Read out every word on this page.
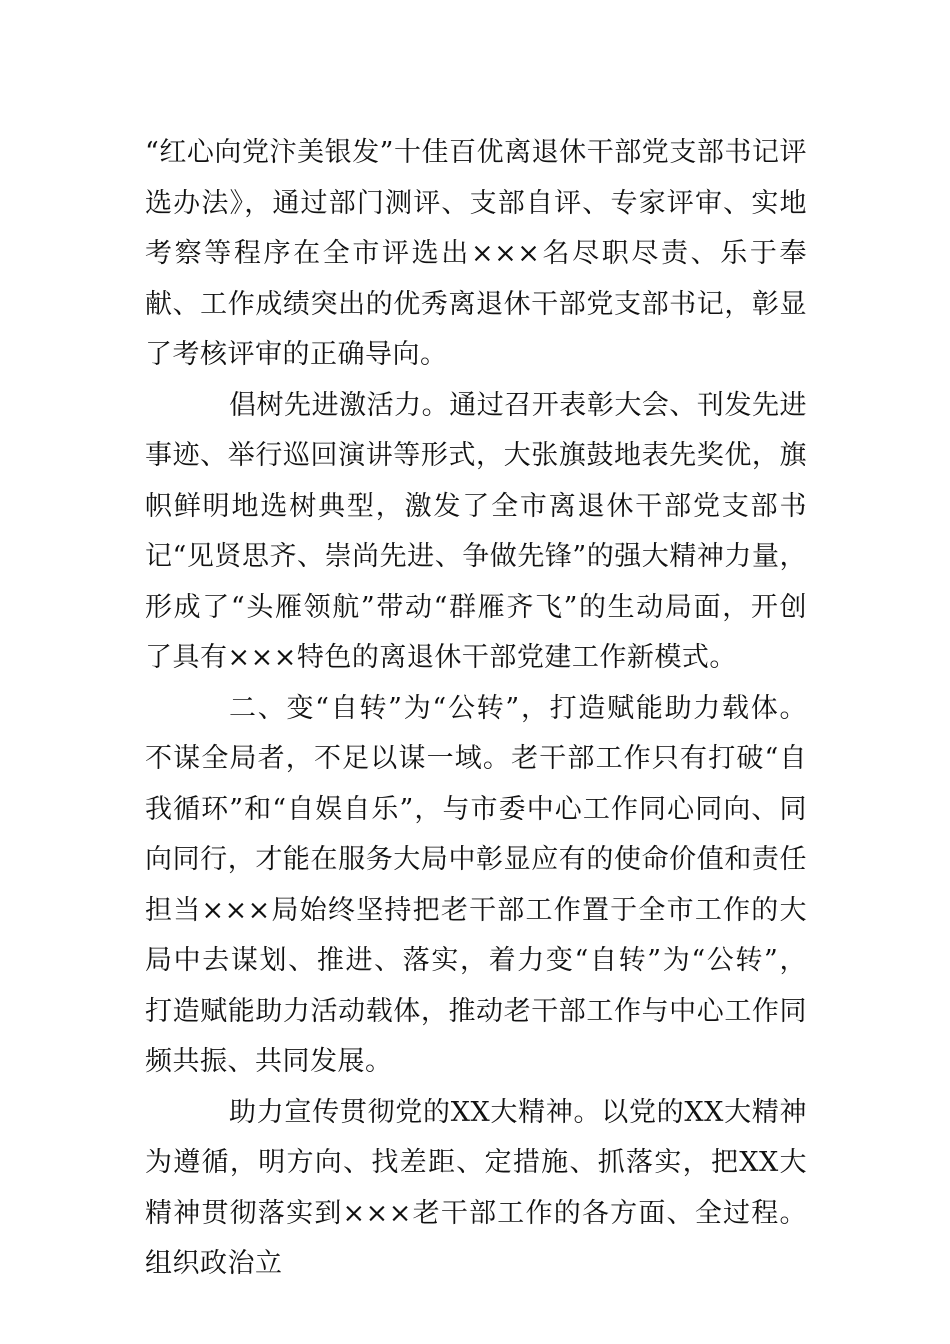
“红心向党汴美银发”十佳百优离退休干部党支部书记评选办法》，通过部门测评、支部自评、专家评审、实地考察等程序在全市评选出×××名尽职尽责、乐于奉献、工作成绩突出的优秀离退休干部党支部书记，彰显了考核评审的正确导向。

倡树先进激活力。通过召开表彰大会、刊发先进事迹、举行巡回演讲等形式，大张旗鼓地表先奖优，旗帜鲜明地选树典型，激发了全市离退休干部党支部书记“见贤思齐、崇尚先进、争做先锋”的强大精神力量，形成了“头雁领航”带动“群雁齐飞”的生动局面，开创了具有×××特色的离退休干部党建工作新模式。

二、变“自转”为“公转”，打造赋能助力载体。不谋全局者，不足以谋一域。老干部工作只有打破“自我循环”和“自娱自乐”，与市委中心工作同心同向、同向同行，才能在服务大局中彰显应有的使命价值和责任担当×××局始终坚持把老干部工作置于全市工作的大局中去谋划、推进、落实，着力变“自转”为“公转”，打造赋能助力活动载体，推动老干部工作与中心工作同频共振、共同发展。

助力宣传贯彻党的XX大精神。以党的XX大精神为遵循，明方向、找差距、定措施、抓落实，把XX大精神贯彻落实到×××老干部工作的各方面、全过程。组织政治立
